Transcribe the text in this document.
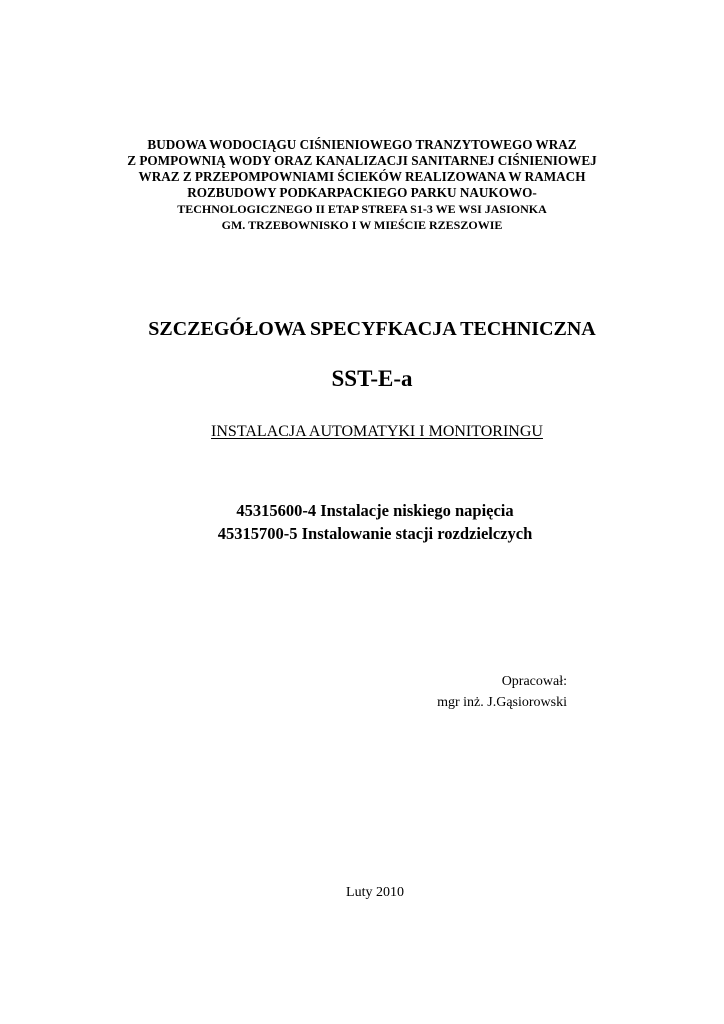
BUDOWA WODOCIĄGU CIŚNIENIOWEGO TRANZYTOWEGO WRAZ
Z POMPOWNIĄ WODY ORAZ KANALIZACJI SANITARNEJ CIŚNIENIOWEJ
WRAZ Z PRZEPOMPOWNIAMI ŚCIEKÓW REALIZOWANA W RAMACH
ROZBUDOWY PODKARPACKIEGO PARKU NAUKOWO-
TECHNOLOGICZNEGO II ETAP STREFA S1-3 WE WSI JASIONKA
GM. TRZEBOWNISKO I W MIEŚCIE RZESZOWIE
SZCZEGÓŁOWA SPECYFKACJA TECHNICZNA
SST-E-a
INSTALACJA AUTOMATYKI I MONITORINGU
45315600-4 Instalacje niskiego napięcia
45315700-5 Instalowanie stacji rozdzielczych
Opracował:
mgr inż. J.Gąsiorowski
Luty 2010
